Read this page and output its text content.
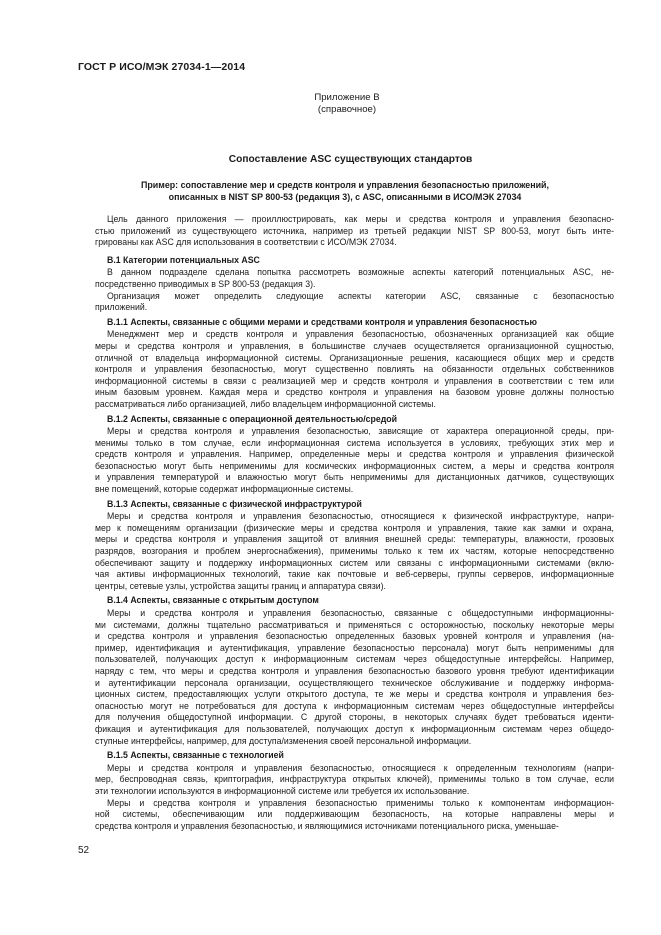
ГОСТ Р ИСО/МЭК 27034-1—2014
Приложение В
(справочное)
Сопоставление ASC существующих стандартов
Пример: сопоставление мер и средств контроля и управления безопасностью приложений,
описанных в NIST SP 800-53 (редакция 3), с ASC, описанными в ИСО/МЭК 27034

Цель данного приложения — проиллюстрировать, как меры и средства контроля и управления безопасно-
стью приложений из существующего источника, например из третьей редакции NIST SP 800-53, могут быть инте-
грированы как ASC для использования в соответствии с ИСО/МЭК 27034.

B.1 Категории потенциальных ASC

В данном подразделе сделана попытка рассмотреть возможные аспекты категорий потенциальных ASC, не-
посредственно приводимых в SP 800-53 (редакция 3).

Организация может определить следующие аспекты категории ASC, связанные с безопасностью
приложений.

B.1.1 Аспекты, связанные с общими мерами и средствами контроля и управления безопасностью

Менеджмент мер и средств контроля и управления безопасностью, обозначенных организацией как общие
меры и средства контроля и управления, в большинстве случаев осуществляется организационной сущностью,
отличной от владельца информационной системы. Организационные решения, касающиеся общих мер и средств
контроля и управления безопасностью, могут существенно повлиять на обязанности отдельных собственников
информационной системы в связи с реализацией мер и средств контроля и управления в соответствии с тем или
иным базовым уровнем. Каждая мера и средство контроля и управления на базовом уровне должны полностью
рассматриваться либо организацией, либо владельцем информационной системы.

B.1.2 Аспекты, связанные с операционной деятельностью/средой

Меры и средства контроля и управления безопасностью, зависящие от характера операционной среды, при-
менимы только в том случае, если информационная система используется в условиях, требующих этих мер и
средств контроля и управления. Например, определенные меры и средства контроля и управления физической
безопасностью могут быть неприменимы для космических информационных систем, а меры и средства контроля
и управления температурой и влажностью могут быть неприменимы для дистанционных датчиков, существующих
вне помещений, которые содержат информационные системы.

B.1.3 Аспекты, связанные с физической инфраструктурой

Меры и средства контроля и управления безопасностью, относящиеся к физической инфраструктуре, напри-
мер к помещениям организации (физические меры и средства контроля и управления, такие как замки и охрана,
меры и средства контроля и управления защитой от влияния внешней среды: температуры, влажности, грозовых
разрядов, возгорания и проблем энергоснабжения), применимы только к тем их частям, которые непосредственно
обеспечивают защиту и поддержку информационных систем или связаны с информационными системами (вклю-
чая активы информационных технологий, такие как почтовые и веб-серверы, группы серверов, информационные
центры, сетевые узлы, устройства защиты границ и аппаратура связи).

B.1.4 Аспекты, связанные с открытым доступом

Меры и средства контроля и управления безопасностью, связанные с общедоступными информационны-
ми системами, должны тщательно рассматриваться и применяться с осторожностью, поскольку некоторые меры
и средства контроля и управления безопасностью определенных базовых уровней контроля и управления (на-
пример, идентификация и аутентификация, управление безопасностью персонала) могут быть неприменимы для
пользователей, получающих доступ к информационным системам через общедоступные интерфейсы. Например,
наряду с тем, что меры и средства контроля и управления безопасностью базового уровня требуют идентификации
и аутентификации персонала организации, осуществляющего техническое обслуживание и поддержку информа-
ционных систем, предоставляющих услуги открытого доступа, те же меры и средства контроля и управления без-
опасностью могут не потребоваться для доступа к информационным системам через общедоступные интерфейсы
для получения общедоступной информации. С другой стороны, в некоторых случаях будет требоваться иденти-
фикация и аутентификация для пользователей, получающих доступ к информационным системам через общедо-
ступные интерфейсы, например, для доступа/изменения своей персональной информации.

B.1.5 Аспекты, связанные с технологией

Меры и средства контроля и управления безопасностью, относящиеся к определенным технологиям (напри-
мер, беспроводная связь, криптография, инфраструктура открытых ключей), применимы только в том случае, если
эти технологии используются в информационной системе или требуется их использование.

Меры и средства контроля и управления безопасностью применимы только к компонентам информацион-
ной системы, обеспечивающим или поддерживающим безопасность, на которые направлены меры и
средства контроля и управления безопасностью, и являющимися источниками потенциального риска, уменьшае-

52
